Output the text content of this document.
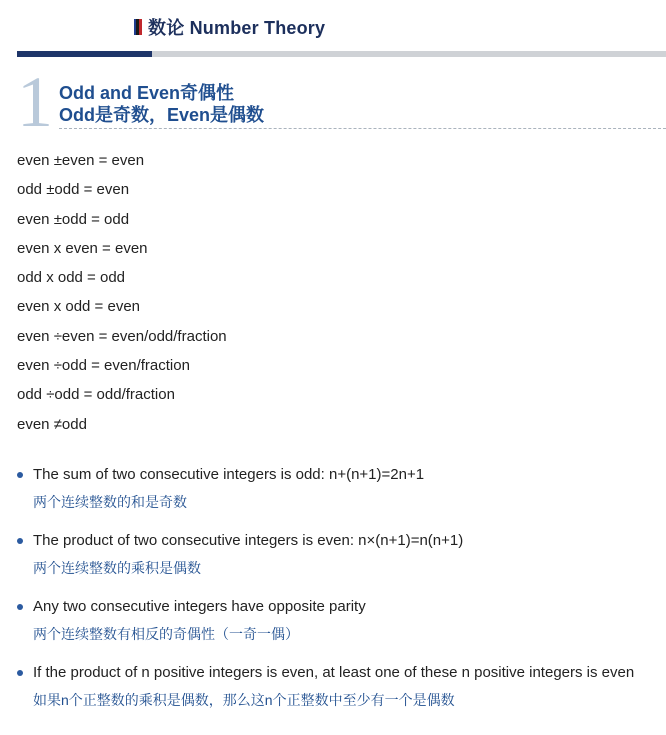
数论 Number Theory
1 Odd and Even奇偶性
Odd是奇数，Even是偶数
even ±even = even
odd ±odd = even
even ±odd = odd
even x even = even
odd x odd = odd
even x odd = even
even ÷even = even/odd/fraction
even ÷odd = even/fraction
odd ÷odd = odd/fraction
even ≠odd
The sum of two consecutive integers is odd: n+(n+1)=2n+1
两个连续整数的和是奇数
The product of two consecutive integers is even: n×(n+1)=n(n+1)
两个连续整数的乘积是偶数
Any two consecutive integers have opposite parity
两个连续整数有相反的奇偶性（一奇一偶）
If the product of n positive integers is even, at least one of these n positive integers is even
如果n个正整数的乘积是偶数，那么这n个正整数中至少有一个是偶数
